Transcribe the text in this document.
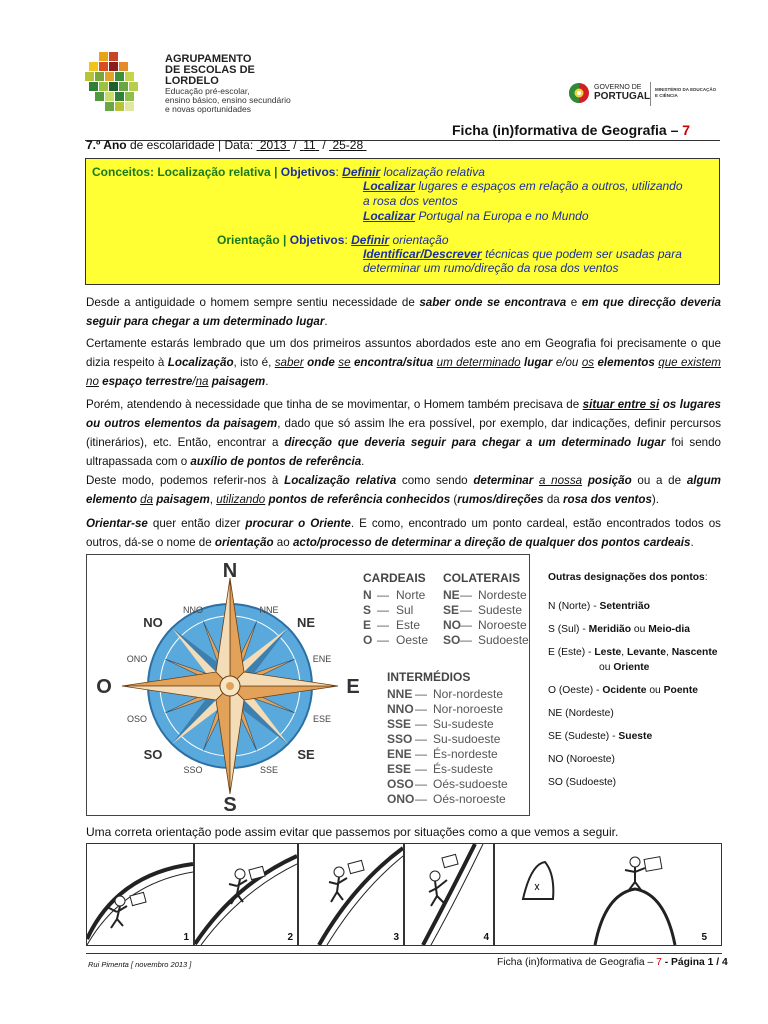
AGRUPAMENTO
DE ESCOLAS DE
LORDELO
Educação pré-escolar,
ensino básico, ensino secundário
e novas oportunidades
GOVERNO DE
PORTUGAL
MINISTÉRIO DA EDUCAÇÃO
E CIÊNCIA
Ficha (in)formativa de Geografia – 7
7.º Ano de escolaridade | Data: 2013 / 11 / 25-28
Conceitos: Localização relativa | Objetivos: Definir localização relativa
Localizar lugares e espaços em relação a outros, utilizando
a rosa dos ventos
Localizar Portugal na Europa e no Mundo
Orientação | Objetivos: Definir orientação
Identificar/Descrever técnicas que podem ser usadas para
determinar um rumo/direção da rosa dos ventos
Desde a antiguidade o homem sempre sentiu necessidade de saber onde se encontrava e em que direcção deveria seguir para chegar a um determinado lugar.
Certamente estarás lembrado que um dos primeiros assuntos abordados este ano em Geografia foi precisamente o que dizia respeito à Localização, isto é, saber onde se encontra/situa um determinado lugar e/ou os elementos que existem no espaço terrestre/na paisagem.
Porém, atendendo à necessidade que tinha de se movimentar, o Homem também precisava de situar entre si os lugares ou outros elementos da paisagem, dado que só assim lhe era possível, por exemplo, dar indicações, definir percursos (itinerários), etc. Então, encontrar a direcção que deveria seguir para chegar a um determinado lugar foi sendo ultrapassada com o auxílio de pontos de referência.
Deste modo, podemos referir-nos à Localização relativa como sendo determinar a nossa posição ou a de algum elemento da paisagem, utilizando pontos de referência conhecidos (rumos/direções da rosa dos ventos).
Orientar-se quer então dizer procurar o Oriente. E como, encontrado um ponto cardeal, estão encontrados todos os outros, dá-se o nome de orientação ao acto/processo de determinar a direção de qualquer dos pontos cardeais.
N
S
E
O
NE
NO
SE
SO
NNO	NNE
ONO	ENE
OSO	ESE
SSO	SSE
CARDEAIS COLATERAIS
INTERMÉDIOS
N — Norte
S — Sul
E — Este
O — Oeste
NE — Nordeste
SE — Sudeste
NO — Noroeste
SO — Sudoeste
NNE — Nor-nordeste
NNO — Nor-noroeste
SSE — Su-sudeste
SSO — Su-sudoeste
ENE — És-nordeste
ESE — És-sudeste
OSO — Oés-sudoeste
ONO — Oés-noroeste
Outras designações dos pontos:
N (Norte) - Setentrião
S (Sul) - Meridião ou Meio-dia
E (Este) - Leste, Levante, Nascente
ou Oriente
O (Oeste) - Ocidente ou Poente
NE (Nordeste)
SE (Sudeste) - Sueste
NO (Noroeste)
SO (Sudoeste)
Uma correta orientação pode assim evitar que passemos por situações como a que vemos a seguir.
1	2	3	4	5
Rui Pimenta [ novembro 2013 ]	Ficha (in)formativa de Geografia – 7 - Página 1 / 4
